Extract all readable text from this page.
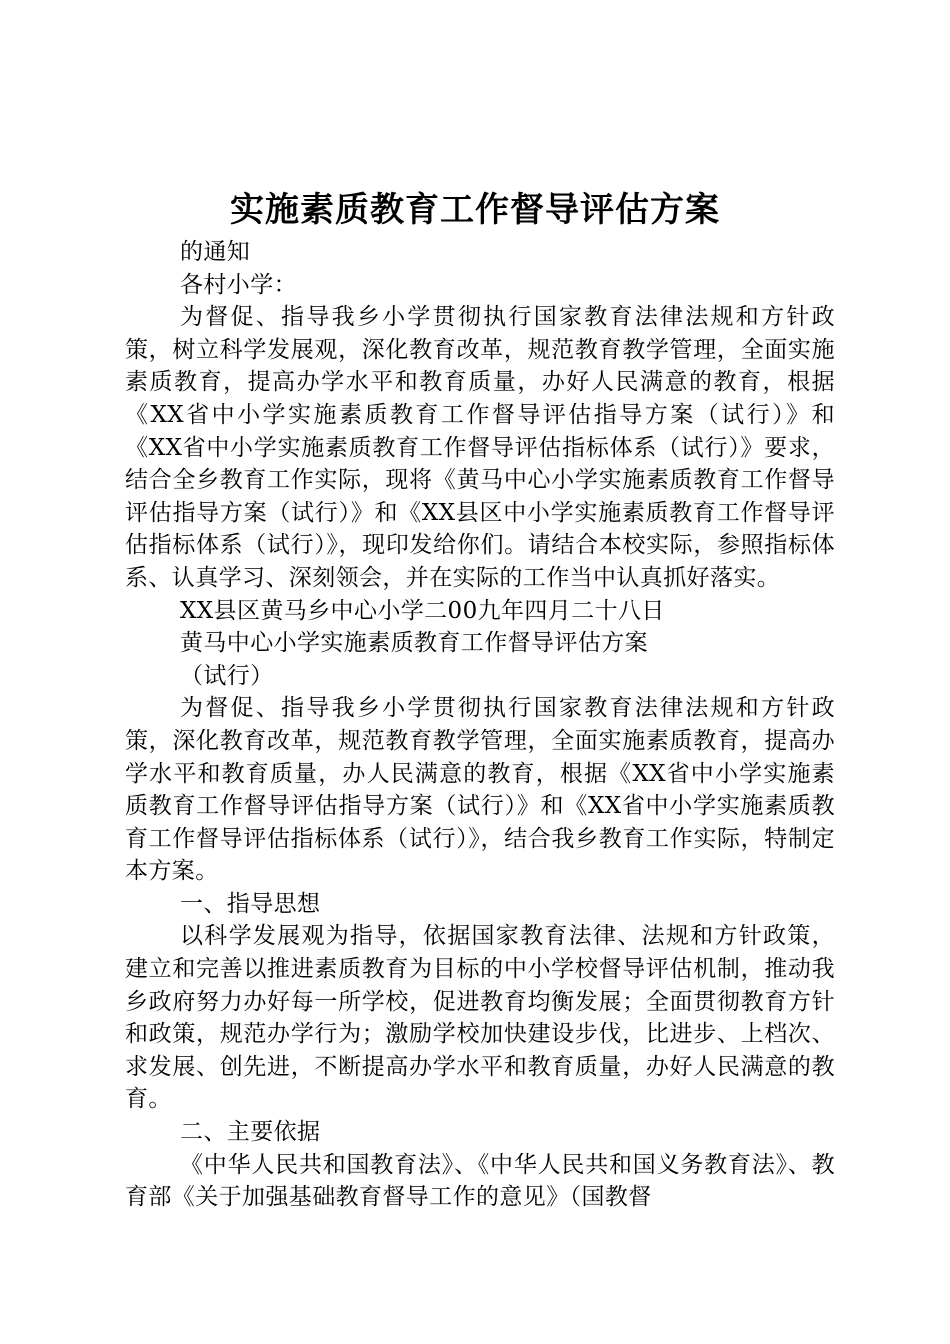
实施素质教育工作督导评估方案

的通知

各村小学：

为督促、指导我乡小学贯彻执行国家教育法律法规和方针政策，树立科学发展观，深化教育改革，规范教育教学管理，全面实施素质教育，提高办学水平和教育质量，办好人民满意的教育，根据《XX省中小学实施素质教育工作督导评估指导方案（试行）》和《XX省中小学实施素质教育工作督导评估指标体系（试行）》要求，结合全乡教育工作实际，现将《黄马中心小学实施素质教育工作督导评估指导方案（试行）》和《XX县区中小学实施素质教育工作督导评估指标体系（试行）》，现印发给你们。请结合本校实际，参照指标体系、认真学习、深刻领会，并在实际的工作当中认真抓好落实。

XX县区黄马乡中心小学二00九年四月二十八日

黄马中心小学实施素质教育工作督导评估方案

（试行）

为督促、指导我乡小学贯彻执行国家教育法律法规和方针政策，深化教育改革，规范教育教学管理，全面实施素质教育，提高办学水平和教育质量，办人民满意的教育，根据《XX省中小学实施素质教育工作督导评估指导方案（试行）》和《XX省中小学实施素质教育工作督导评估指标体系（试行）》，结合我乡教育工作实际，特制定本方案。

一、指导思想

以科学发展观为指导，依据国家教育法律、法规和方针政策，建立和完善以推进素质教育为目标的中小学校督导评估机制，推动我乡政府努力办好每一所学校，促进教育均衡发展；全面贯彻教育方针和政策，规范办学行为；激励学校加快建设步伐，比进步、上档次、求发展、创先进，不断提高办学水平和教育质量，办好人民满意的教育。

二、主要依据

《中华人民共和国教育法》、《中华人民共和国义务教育法》、教育部《关于加强基础教育督导工作的意见》（国教督
